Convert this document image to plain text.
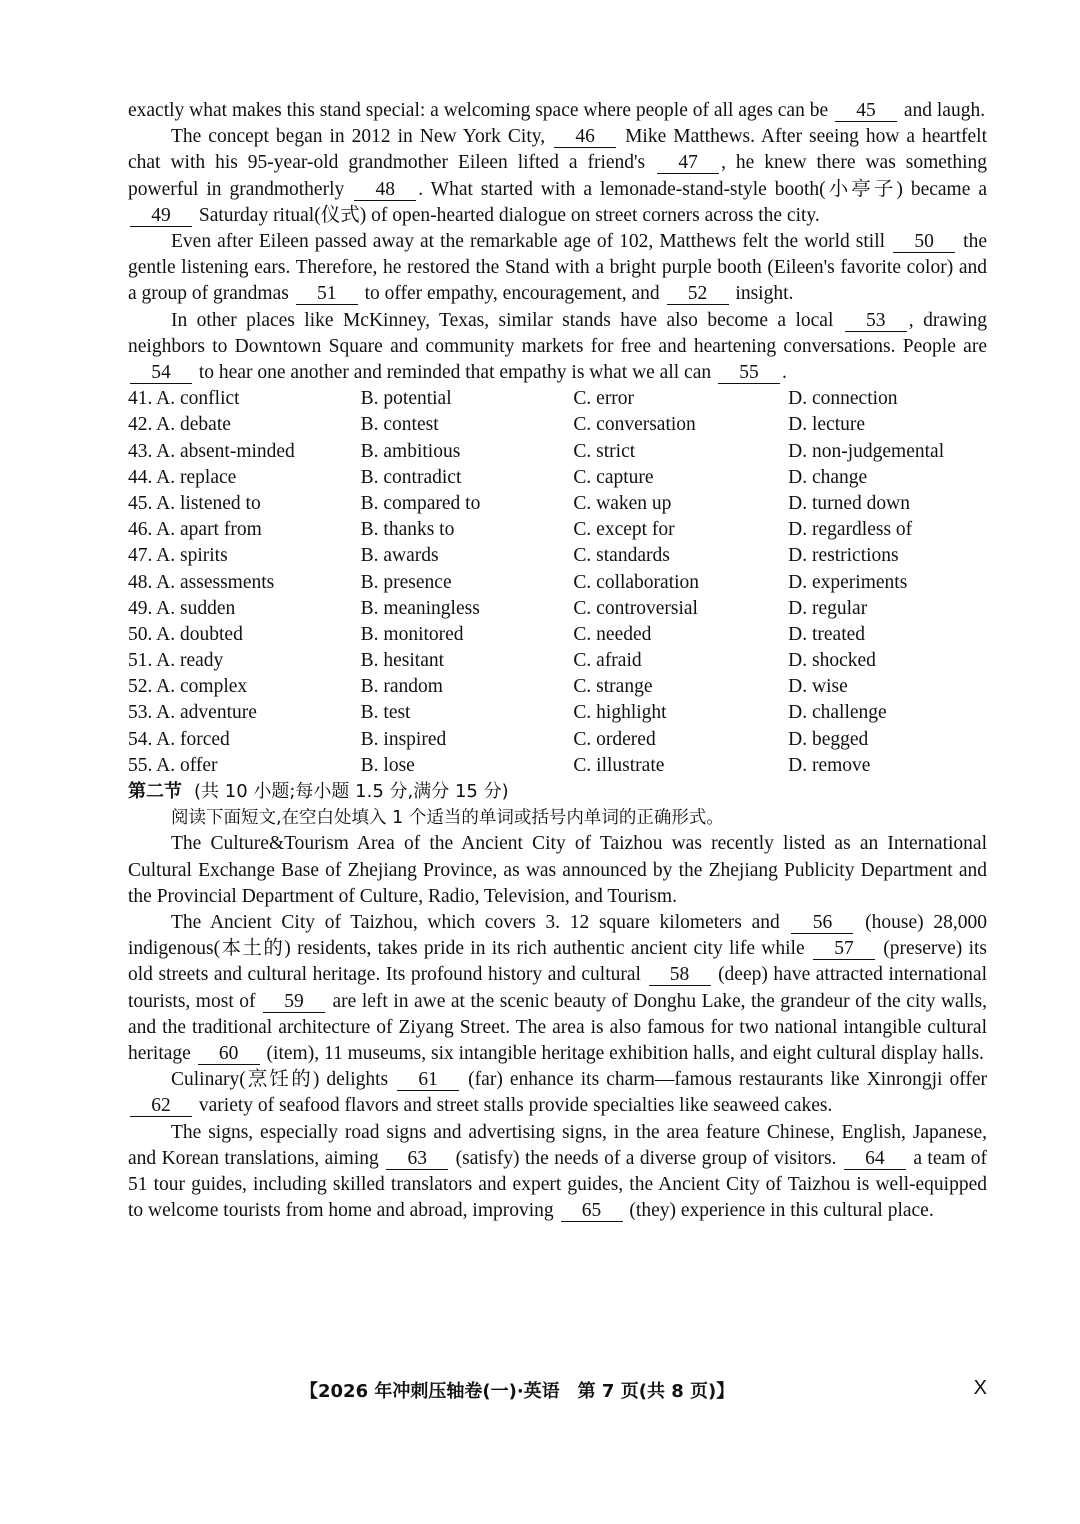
exactly what makes this stand special: a welcoming space where people of all ages can be 45 and laugh.

The concept began in 2012 in New York City, 46 Mike Matthews. After seeing how a heartfelt chat with his 95-year-old grandmother Eileen lifted a friend's 47 , he knew there was something powerful in grandmotherly 48 . What started with a lemonade-stand-style booth(小亭子) became a 49 Saturday ritual(仪式) of open-hearted dialogue on street corners across the city.

Even after Eileen passed away at the remarkable age of 102, Matthews felt the world still 50 the gentle listening ears. Therefore, he restored the Stand with a bright purple booth (Eileen's favorite color) and a group of grandmas 51 to offer empathy, encouragement, and 52 insight.

In other places like McKinney, Texas, similar stands have also become a local 53 , drawing neighbors to Downtown Square and community markets for free and heartening conversations. People are 54 to hear one another and reminded that empathy is what we all can 55 .

41. A. conflict	B. potential	C. error	D. connection
42. A. debate	B. contest	C. conversation	D. lecture
43. A. absent-minded	B. ambitious	C. strict	D. non-judgemental
44. A. replace	B. contradict	C. capture	D. change
45. A. listened to	B. compared to	C. waken up	D. turned down
46. A. apart from	B. thanks to	C. except for	D. regardless of
47. A. spirits	B. awards	C. standards	D. restrictions
48. A. assessments	B. presence	C. collaboration	D. experiments
49. A. sudden	B. meaningless	C. controversial	D. regular
50. A. doubted	B. monitored	C. needed	D. treated
51. A. ready	B. hesitant	C. afraid	D. shocked
52. A. complex	B. random	C. strange	D. wise
53. A. adventure	B. test	C. highlight	D. challenge
54. A. forced	B. inspired	C. ordered	D. begged
55. A. offer	B. lose	C. illustrate	D. remove
第二节 (共 10 小题;每小题 1.5 分,满分 15 分)

阅读下面短文,在空白处填入 1 个适当的单词或括号内单词的正确形式。

The Culture&Tourism Area of the Ancient City of Taizhou was recently listed as an International Cultural Exchange Base of Zhejiang Province, as was announced by the Zhejiang Publicity Department and the Provincial Department of Culture, Radio, Television, and Tourism.

The Ancient City of Taizhou, which covers 3. 12 square kilometers and 56 (house) 28,000 indigenous(本土的) residents, takes pride in its rich authentic ancient city life while 57 (preserve) its old streets and cultural heritage. Its profound history and cultural 58 (deep) have attracted international tourists, most of 59 are left in awe at the scenic beauty of Donghu Lake, the grandeur of the city walls, and the traditional architecture of Ziyang Street. The area is also famous for two national intangible cultural heritage 60 (item), 11 museums, six intangible heritage exhibition halls, and eight cultural display halls.

Culinary(烹饪的) delights 61 (far) enhance its charm—famous restaurants like Xinrongji offer 62 variety of seafood flavors and street stalls provide specialties like seaweed cakes.

The signs, especially road signs and advertising signs, in the area feature Chinese, English, Japanese, and Korean translations, aiming 63 (satisfy) the needs of a diverse group of visitors. 64 a team of 51 tour guides, including skilled translators and expert guides, the Ancient City of Taizhou is well-equipped to welcome tourists from home and abroad, improving 65 (they) experience in this cultural place.

【2026 年冲刺压轴卷(一)·英语　第 7 页(共 8 页)】	X
